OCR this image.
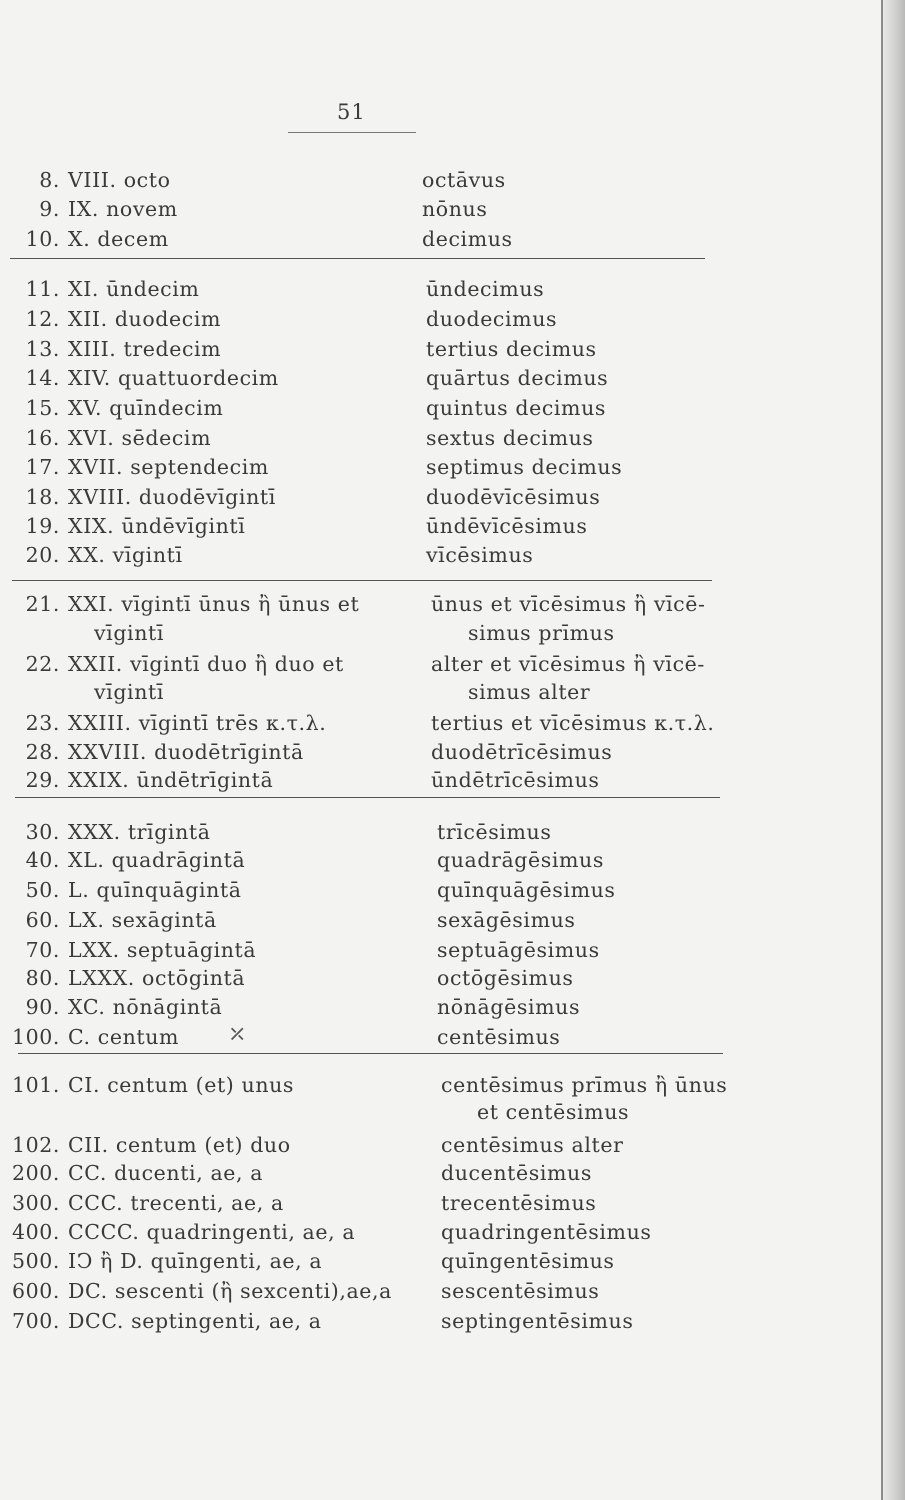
51
8. VIII. octo	octāvus
9. IX. novem	nōnus
10. X. decem	decimus
11. XI. ūndecim	ūndecimus
12. XII. duodecim	duodecimus
13. XIII. tredecim	tertius decimus
14. XIV. quattuordecim	quārtus decimus
15. XV. quīndecim	quintus decimus
16. XVI. sēdecim	sextus decimus
17. XVII. septendecim	septimus decimus
18. XVIII. duodēvīgintī	duodēvīcēsimus
19. XIX. ūndēvīgintī	ūndēvīcēsimus
20. XX. vīgintī	vīcēsimus
21. XXI. vīgintī ūnus ἢ ūnus et	ūnus et vīcēsimus ἢ vīcē-
vīgintī	simus prīmus
22. XXII. vīgintī duo ἢ duo et	alter et vīcēsimus ἢ vīcē-
vīgintī	simus alter
23. XXIII. vīgintī trēs κ.τ.λ.	tertius et vīcēsimus κ.τ.λ.
28. XXVIII. duodētrīgintā	duodētrīcēsimus
29. XXIX. ūndētrīgintā	ūndētrīcēsimus
30. XXX. trīgintā	trīcēsimus
40. XL. quadrāgintā	quadrāgēsimus
50. L. quīnquāgintā	quīnquāgēsimus
60. LX. sexāgintā	sexāgēsimus
70. LXX. septuāgintā	septuāgēsimus
80. LXXX. octōgintā	octōgēsimus
90. XC. nōnāgintā	nōnāgēsimus
100. C. centum	centēsimus
101. CI. centum (et) unus	centēsimus prīmus ἢ ūnus
et centēsimus
102. CII. centum (et) duo	centēsimus alter
200. CC. ducenti, ae, a	ducentēsimus
300. CCC. trecenti, ae, a	trecentēsimus
400. CCCC. quadringenti, ae, a	quadringentēsimus
500. IϽ ἢ D. quīngenti, ae, a	quīngentēsimus
600. DC. sescenti (ἢ sexcenti),ae,a sescentēsimus
700. DCC. septingenti, ae, a	septingentēsimus
⤫
